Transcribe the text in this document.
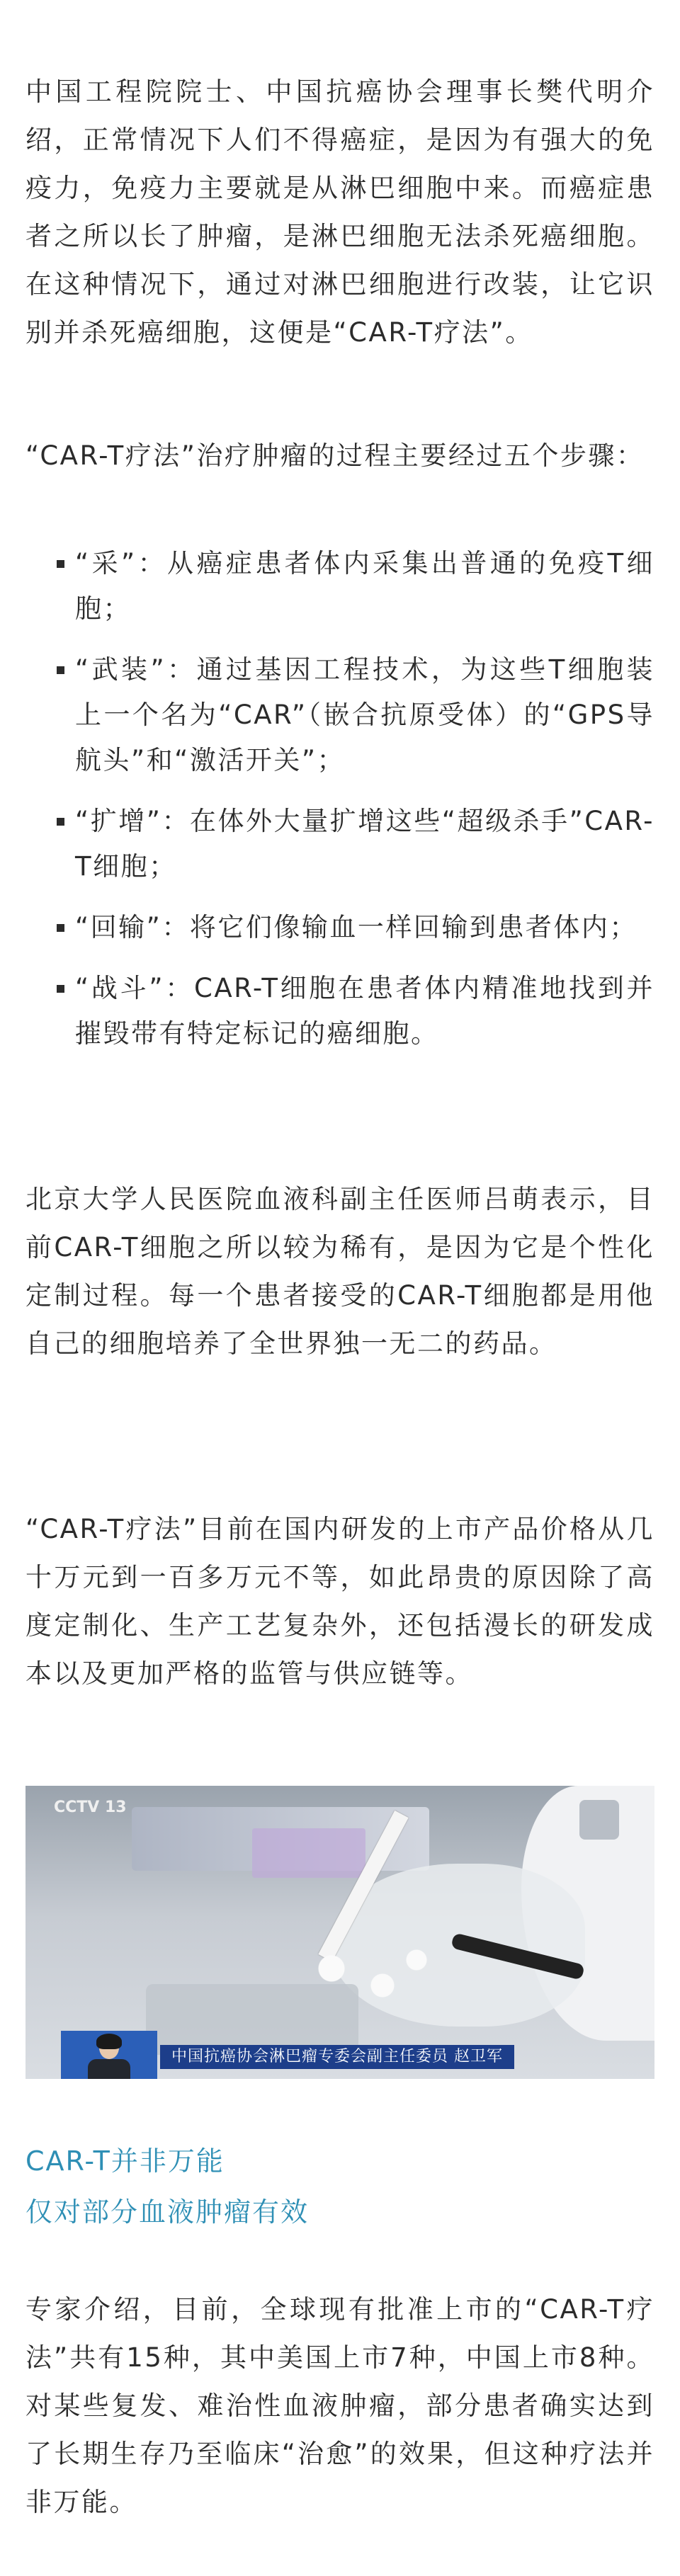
中国工程院院士、中国抗癌协会理事长樊代明介绍，正常情况下人们不得癌症，是因为有强大的免疫力，免疫力主要就是从淋巴细胞中来。而癌症患者之所以长了肿瘤，是淋巴细胞无法杀死癌细胞。在这种情况下，通过对淋巴细胞进行改装，让它识别并杀死癌细胞，这便是“CAR-T疗法”。

“CAR-T疗法”治疗肿瘤的过程主要经过五个步骤：

“采”：从癌症患者体内采集出普通的免疫T细胞；
“武装”：通过基因工程技术，为这些T细胞装上一个名为“CAR”（嵌合抗原受体）的“GPS导航头”和“激活开关”；
“扩增”：在体外大量扩增这些“超级杀手”CAR-T细胞；
“回输”：将它们像输血一样回输到患者体内；
“战斗”：CAR-T细胞在患者体内精准地找到并摧毁带有特定标记的癌细胞。

北京大学人民医院血液科副主任医师吕萌表示，目前CAR-T细胞之所以较为稀有，是因为它是个性化定制过程。每一个患者接受的CAR-T细胞都是用他自己的细胞培养了全世界独一无二的药品。

“CAR-T疗法”目前在国内研发的上市产品价格从几十万元到一百多万元不等，如此昂贵的原因除了高度定制化、生产工艺复杂外，还包括漫长的研发成本以及更加严格的监管与供应链等。

CCTV 13
中国抗癌协会淋巴瘤专委会副主任委员 赵卫军
CAR-T并非万能
仅对部分血液肿瘤有效

专家介绍，目前，全球现有批准上市的“CAR-T疗法”共有15种，其中美国上市7种，中国上市8种。对某些复发、难治性血液肿瘤，部分患者确实达到了长期生存乃至临床“治愈”的效果，但这种疗法并非万能。
